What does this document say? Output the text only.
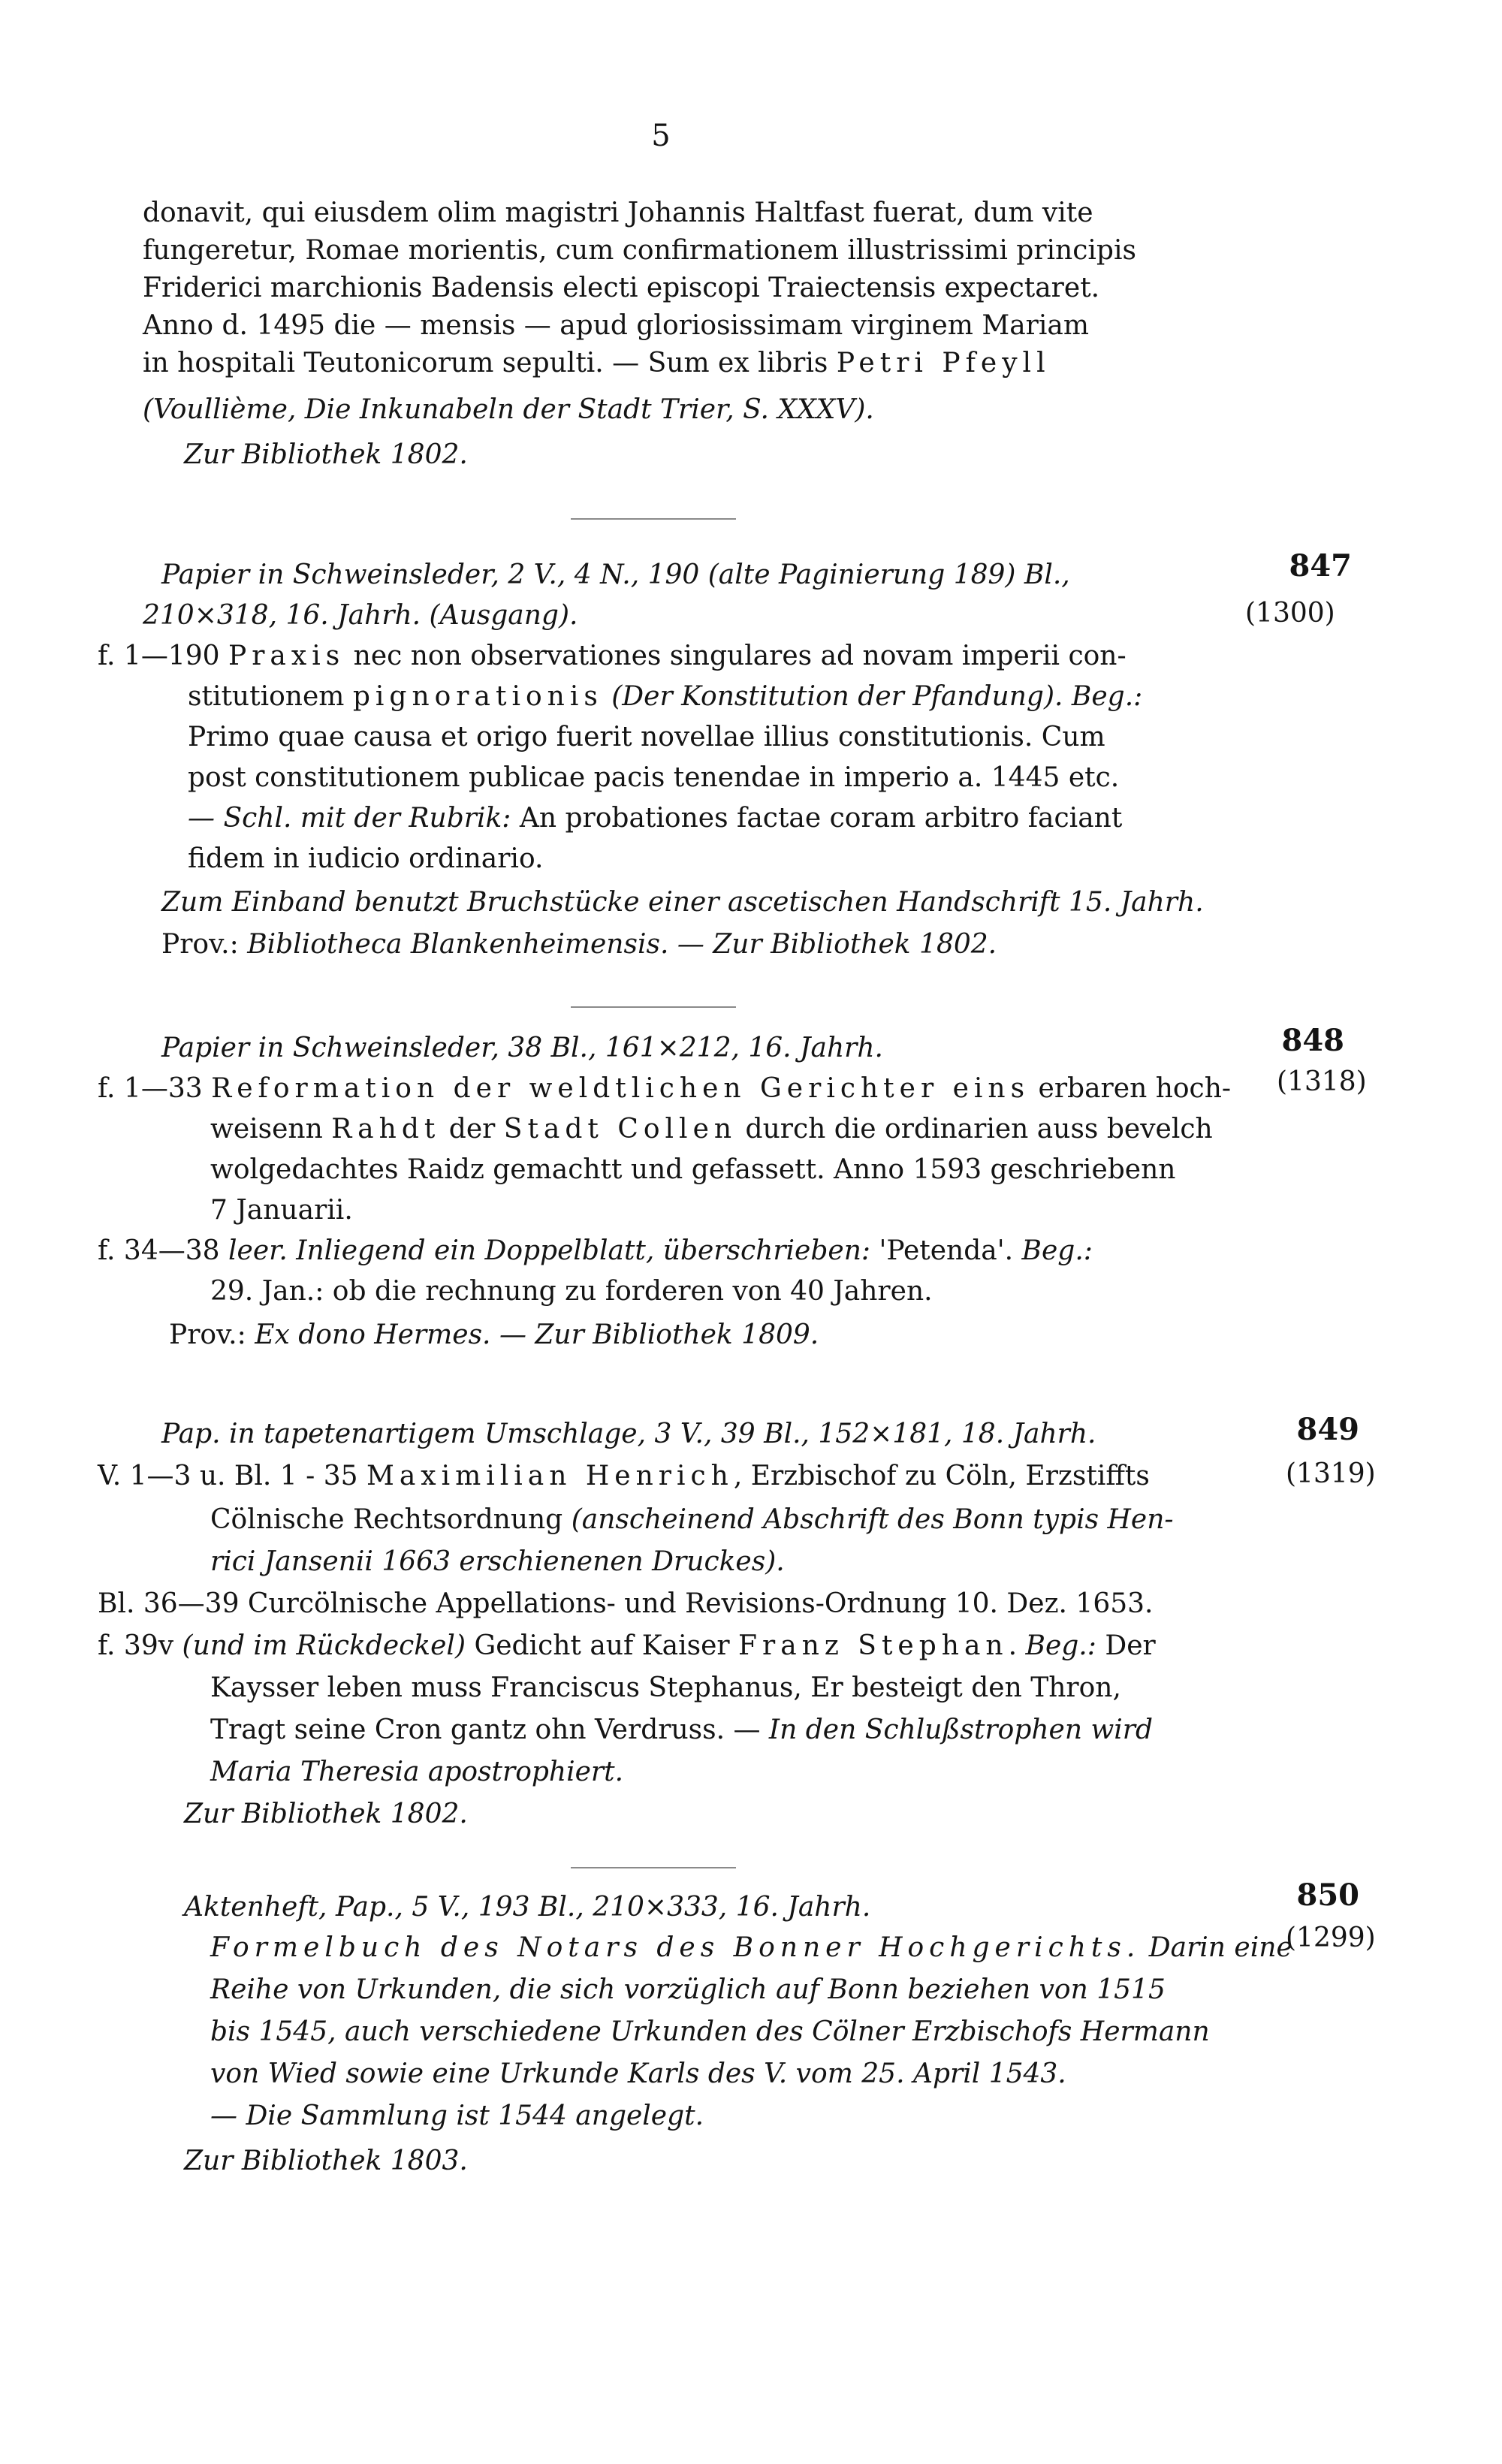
5
donavit, qui eiusdem olim magistri Johannis Haltfast fuerat, dum vite
fungeretur, Romae morientis, cum confirmationem illustrissimi principis
Friderici marchionis Badensis electi episcopi Traiectensis expectaret.
Anno d. 1495 die — mensis — apud gloriosissimam virginem Mariam
in hospitali Teutonicorum sepulti. — Sum ex libris Petri Pfeyll
(Voullième, Die Inkunabeln der Stadt Trier, S. XXXV).
Zur Bibliothek 1802.
847
(1300)
Papier in Schweinsleder, 2 V., 4 N., 190 (alte Paginierung 189) Bl.,
210×318, 16. Jahrh. (Ausgang).
f. 1—190 Praxis nec non observationes singulares ad novam imperii con-
stitutionem pignorationis (Der Konstitution der Pfandung). Beg.:
Primo quae causa et origo fuerit novellae illius constitutionis. Cum
post constitutionem publicae pacis tenendae in imperio a. 1445 etc.
— Schl. mit der Rubrik: An probationes factae coram arbitro faciant
fidem in iudicio ordinario.
Zum Einband benutzt Bruchstücke einer ascetischen Handschrift 15. Jahrh.
Prov.: Bibliotheca Blankenheimensis. — Zur Bibliothek 1802.
848
(1318)
Papier in Schweinsleder, 38 Bl., 161×212, 16. Jahrh.
f. 1—33 Reformation der weldtlichen Gerichter eins erbaren hoch-
weisenn Rahdt der Stadt Collen durch die ordinarien auss bevelch
wolgedachtes Raidz gemachtt und gefassett. Anno 1593 geschriebenn
7 Januarii.
f. 34—38 leer. Inliegend ein Doppelblatt, überschrieben: 'Petenda'. Beg.:
29. Jan.: ob die rechnung zu forderen von 40 Jahren.
Prov.: Ex dono Hermes. — Zur Bibliothek 1809.
849
(1319)
Pap. in tapetenartigem Umschlage, 3 V., 39 Bl., 152×181, 18. Jahrh.
V. 1—3 u. Bl. 1 - 35 Maximilian Henrich, Erzbischof zu Cöln, Erzstiffts
Cölnische Rechtsordnung (anscheinend Abschrift des Bonn typis Hen-
rici Jansenii 1663 erschienenen Druckes).
Bl. 36—39 Curcölnische Appellations- und Revisions-Ordnung 10. Dez. 1653.
f. 39v (und im Rückdeckel) Gedicht auf Kaiser Franz Stephan. Beg.: Der
Kaysser leben muss Franciscus Stephanus, Er besteigt den Thron,
Tragt seine Cron gantz ohn Verdruss. — In den Schlußstrophen wird
Maria Theresia apostrophiert.
Zur Bibliothek 1802.
850
(1299)
Aktenheft, Pap., 5 V., 193 Bl., 210×333, 16. Jahrh.
Formelbuch des Notars des Bonner Hochgerichts. Darin eine
Reihe von Urkunden, die sich vorzüglich auf Bonn beziehen von 1515
bis 1545, auch verschiedene Urkunden des Cölner Erzbischofs Hermann
von Wied sowie eine Urkunde Karls des V. vom 25. April 1543.
— Die Sammlung ist 1544 angelegt.
Zur Bibliothek 1803.
